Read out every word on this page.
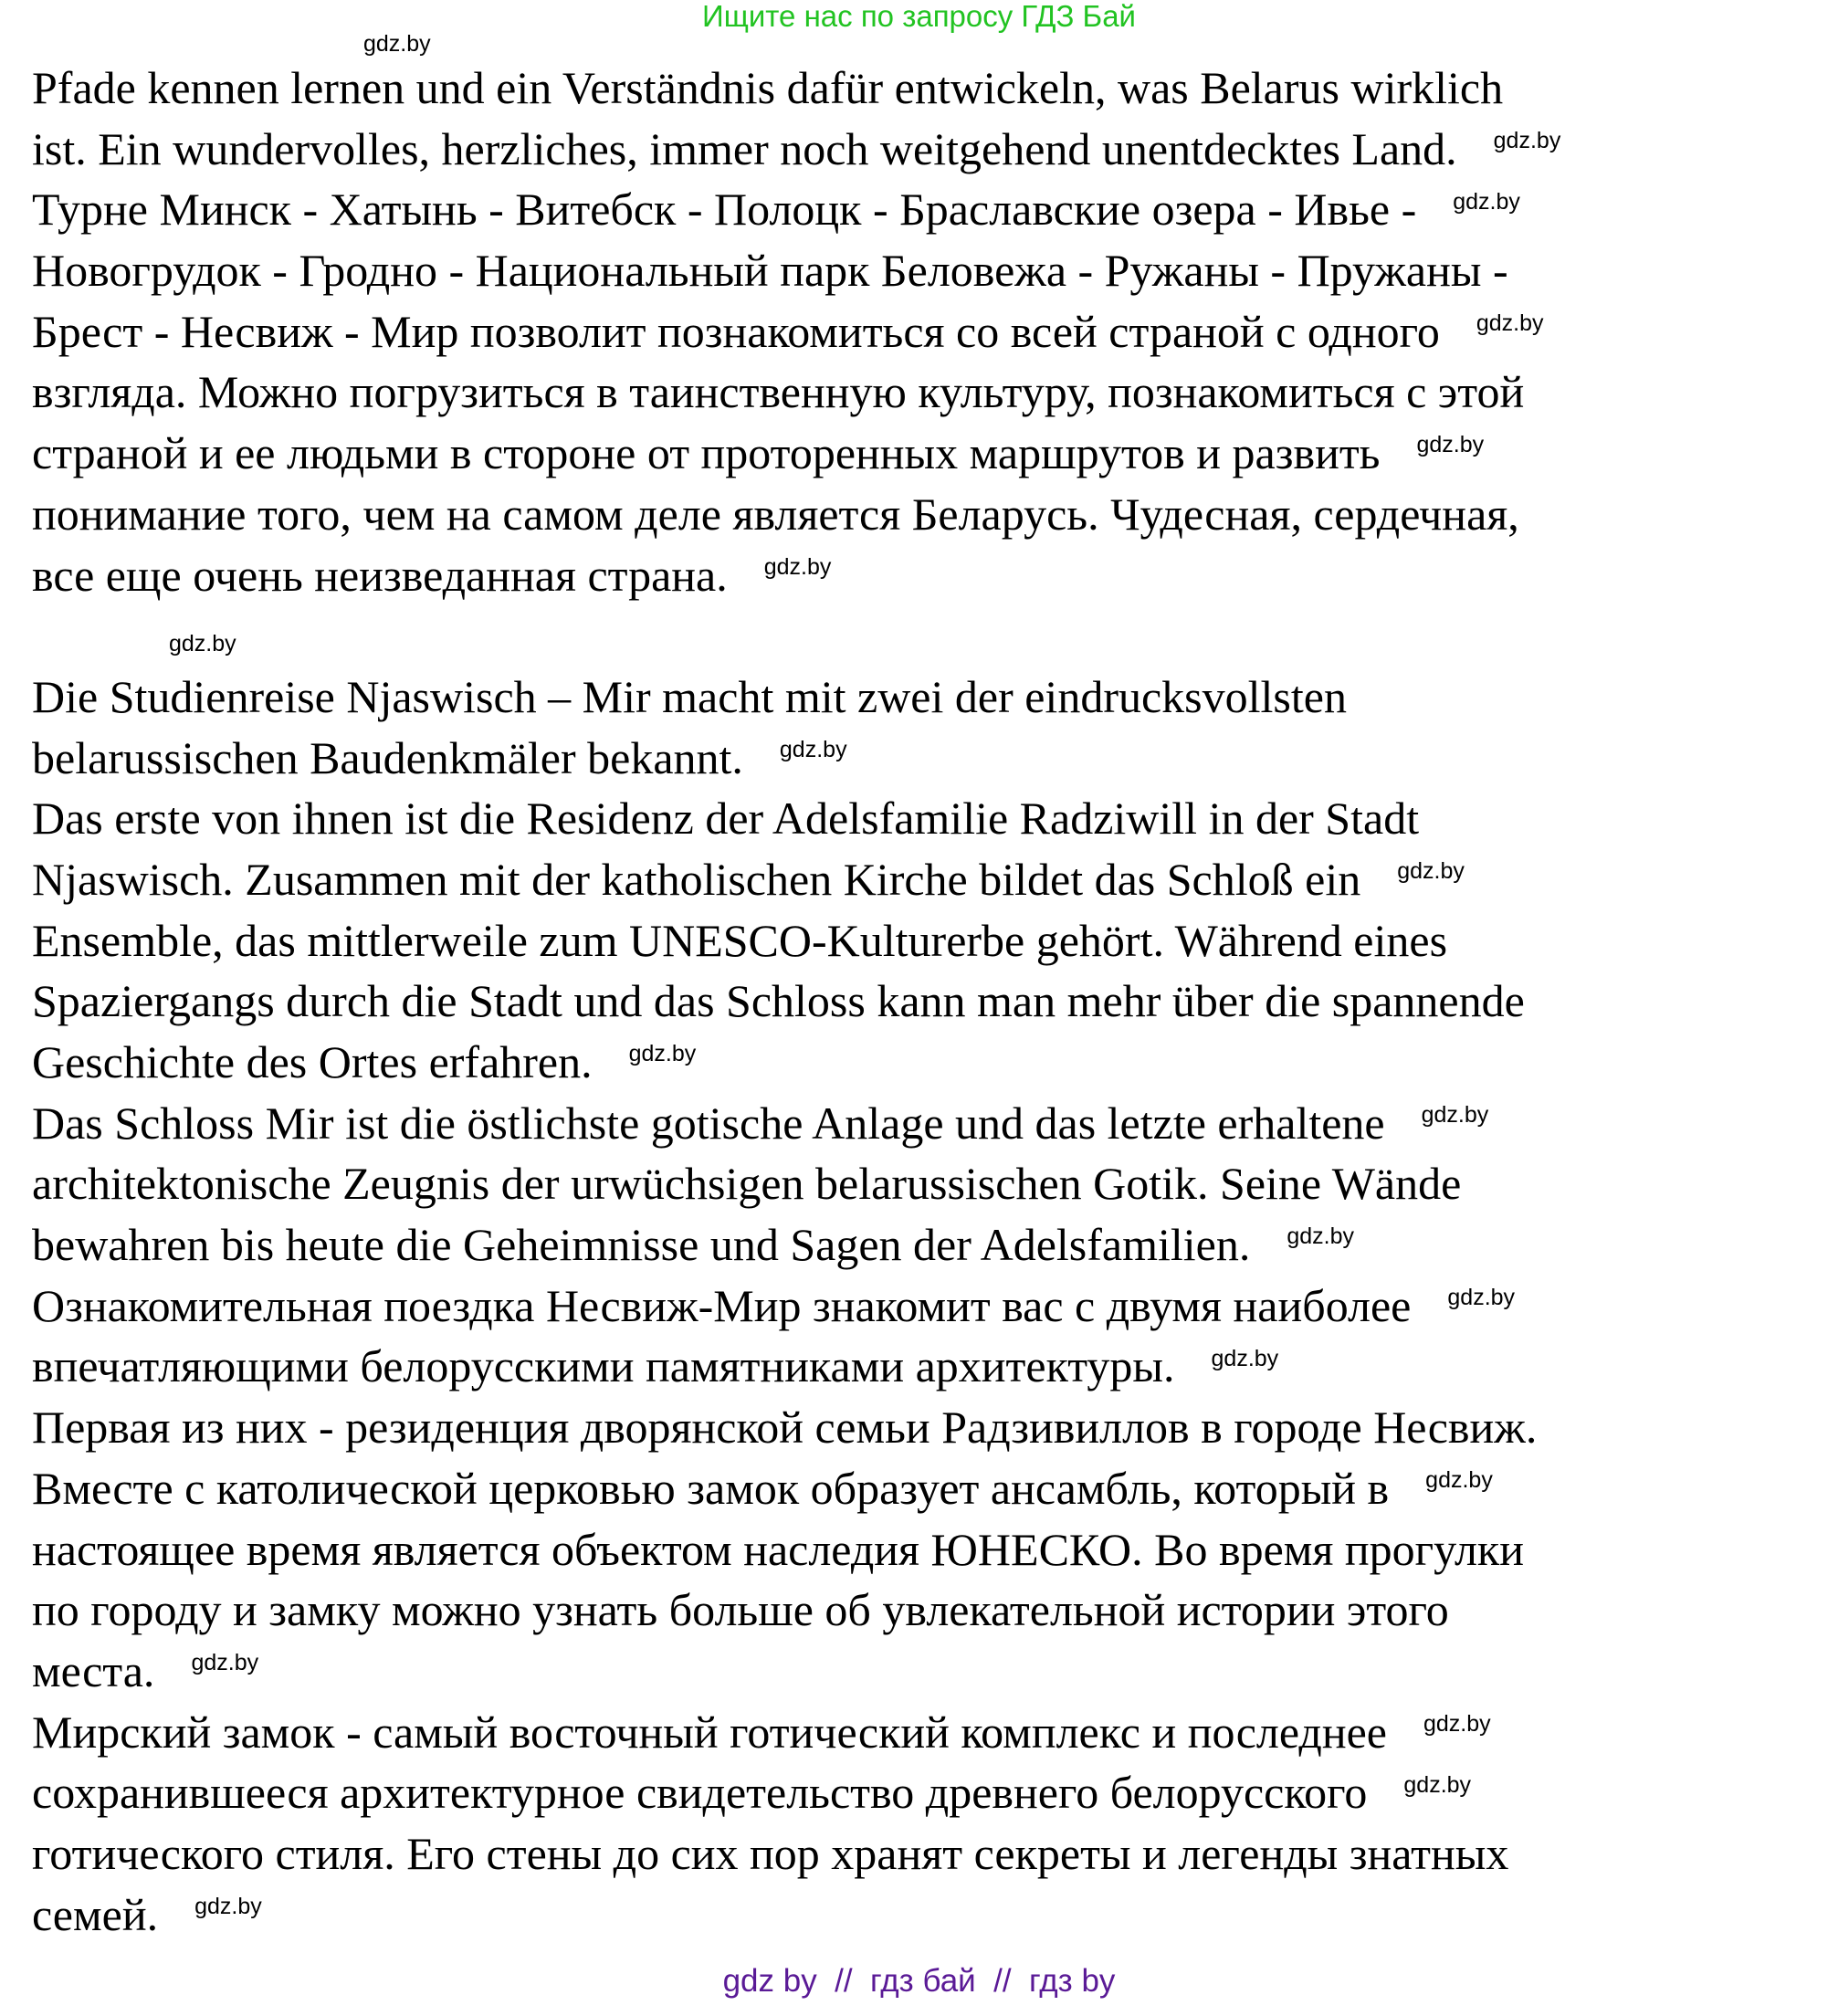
Ищите нас по запросу ГДЗ Бай
gdz.by
Pfade kennen lernen und ein Verständnis dafür entwickeln, was Belarus wirklich
ist. Ein wundervolles, herzliches, immer noch weitgehend unentdecktes Land. $^{gdz.by}$
Турне Минск - Хатынь - Витебск - Полоцк - Браславские озера - Ивье - $^{gdz.by}$
Новогрудок - Гродно - Национальный парк Беловежа - Ружаны - Пружаны -
Брест - Несвиж - Мир позволит познакомиться со всей страной с одного $^{gdz.by}$
взгляда. Можно погрузиться в таинственную культуру, познакомиться с этой
страной и ее людьми в стороне от проторенных маршрутов и развить $^{gdz.by}$
понимание того, чем на самом деле является Беларусь. Чудесная, сердечная,
все еще очень неизведанная страна. $^{gdz.by}$
gdz.by
Die Studienreise Njaswisch – Mir macht mit zwei der eindrucksvollsten
belarussischen Baudenkmäler bekannt. $^{gdz.by}$
Das erste von ihnen ist die Residenz der Adelsfamilie Radziwill in der Stadt
Njaswisch. Zusammen mit der katholischen Kirche bildet das Schloß ein $^{gdz.by}$
Ensemble, das mittlerweile zum UNESCO-Kulturerbe gehört. Während eines
Spaziergangs durch die Stadt und das Schloss kann man mehr über die spannende
Geschichte des Ortes erfahren. $^{gdz.by}$
Das Schloss Mir ist die östlichste gotische Anlage und das letzte erhaltene $^{gdz.by}$
architektonische Zeugnis der urwüchsigen belarussischen Gotik. Seine Wände
bewahren bis heute die Geheimnisse und Sagen der Adelsfamilien. $^{gdz.by}$
Ознакомительная поездка Несвиж-Мир знакомит вас с двумя наиболее $^{gdz.by}$
впечатляющими белорусскими памятниками архитектуры. $^{gdz.by}$
Первая из них - резиденция дворянской семьи Радзивиллов в городе Несвиж.
Вместе с католической церковью замок образует ансамбль, который в $^{gdz.by}$
настоящее время является объектом наследия ЮНЕСКО. Во время прогулки
по городу и замку можно узнать больше об увлекательной истории этого
места. $^{gdz.by}$
Мирский замок - самый восточный готический комплекс и последнее $^{gdz.by}$
сохранившееся архитектурное свидетельство древнего белорусского $^{gdz.by}$
готического стиля. Его стены до сих пор хранят секреты и легенды знатных
семей. $^{gdz.by}$
gdz by  //  гдз бай  //  гдз by
